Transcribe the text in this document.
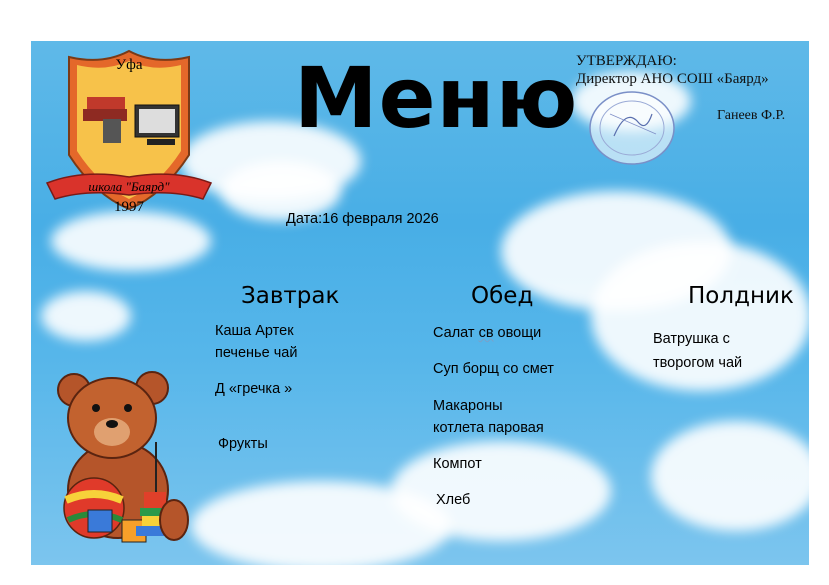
Уфа
школа "Баярд"
1997
Меню
УТВЕРЖДАЮ:
Директор АНО СОШ «Баярд»
Ганеев Ф.Р.
Дата:16 февраля 2026
Завтрак
Каша Артек
печенье чай
Д «гречка »
Фрукты
Обед
Салат св овощи
Суп борщ со смет
Макароны
котлета паровая
Компот
Хлеб
Полдник
Ватрушка с
творогом чай
